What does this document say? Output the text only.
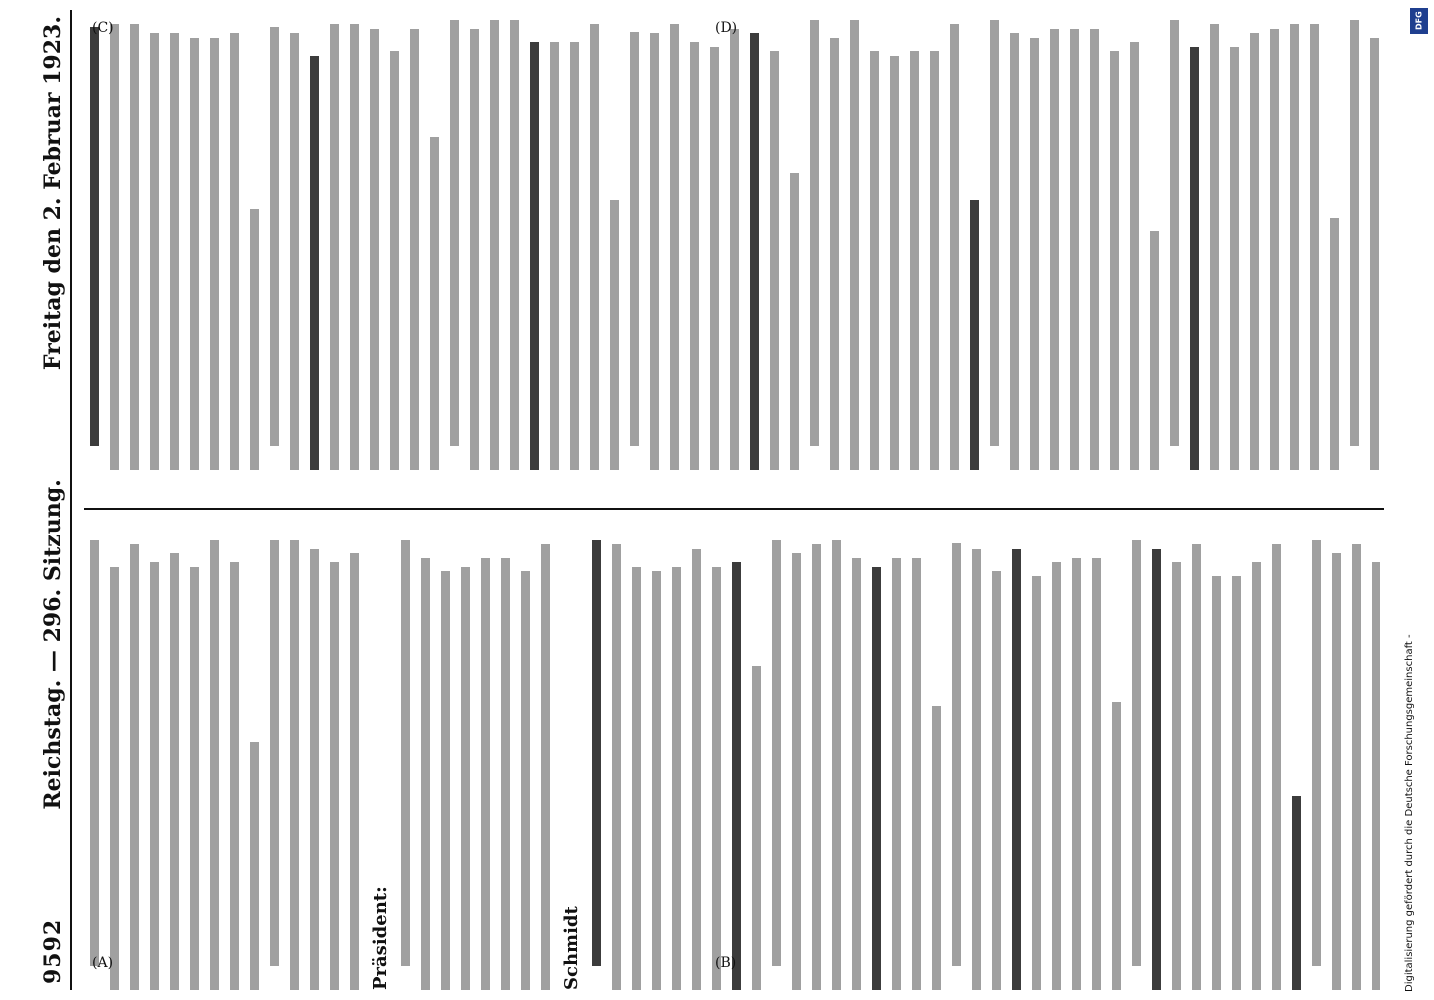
9592
Reichstag. — 296. Sitzung.
Freitag den 2. Februar 1923.
Präsident:	Schmidt
(A)	(B)
(C)	(D)
Digitalisierung gefördert durch die Deutsche Forschungsgemeinschaft -
DFG
